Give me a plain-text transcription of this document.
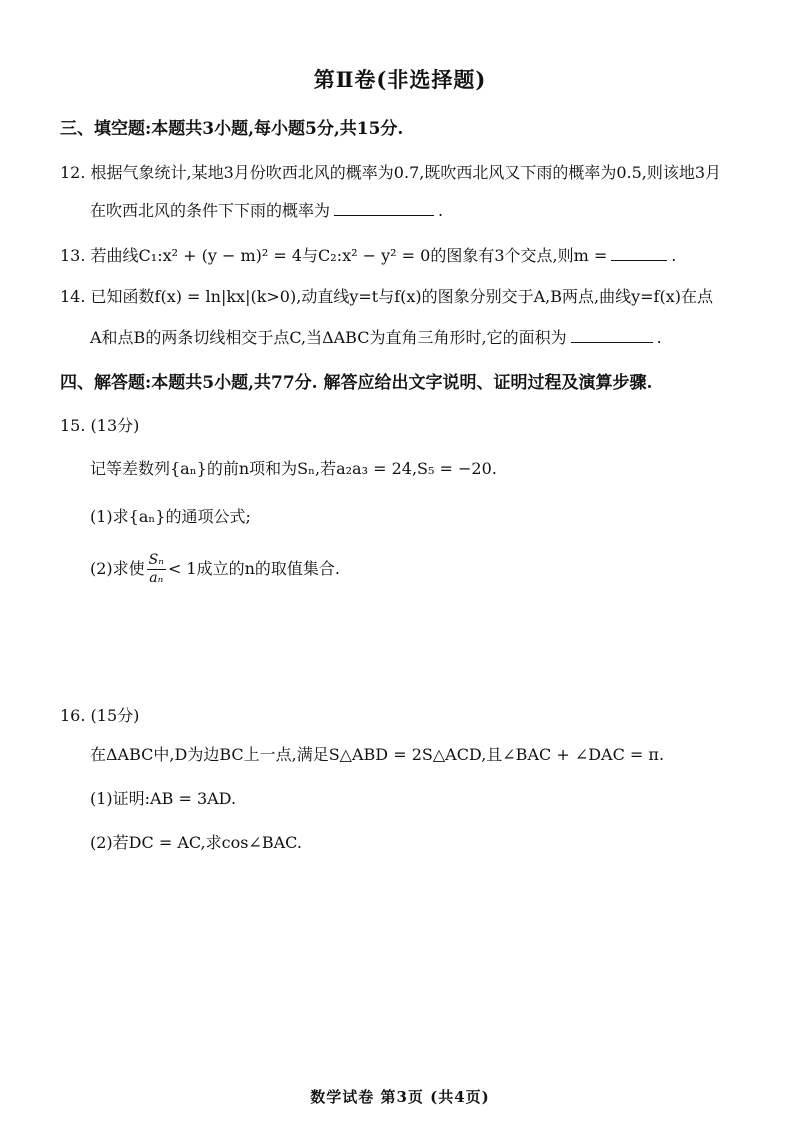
第Ⅱ卷(非选择题)
三、填空题:本题共3小题,每小题5分,共15分.
12. 根据气象统计,某地3月份吹西北风的概率为0.7,既吹西北风又下雨的概率为0.5,则该地3月
在吹西北风的条件下下雨的概率为	.
13. 若曲线C₁:x² + (y − m)² = 4与C₂:x² − y² = 0的图象有3个交点,则m =	.
14. 已知函数f(x) = ln|kx|(k>0),动直线y=t与f(x)的图象分别交于A,B两点,曲线y=f(x)在点
A和点B的两条切线相交于点C,当ΔABC为直角三角形时,它的面积为	.
四、解答题:本题共5小题,共77分. 解答应给出文字说明、证明过程及演算步骤.
15. (13分)
记等差数列{aₙ}的前n项和为Sₙ,若a₂a₃ = 24,S₅ = −20.
(1)求{aₙ}的通项公式;
(2)求使 $\frac{\text{Sₙ}}{\text{aₙ}} < 1$成立的n的取值集合.
16. (15分)
在ΔABC中,D为边BC上一点,满足S△ABD = 2S△ACD,且∠BAC + ∠DAC = π.
(1)证明:AB = 3AD.
(2)若DC = AC,求cos∠BAC.
数学试卷 第3页 (共4页)
